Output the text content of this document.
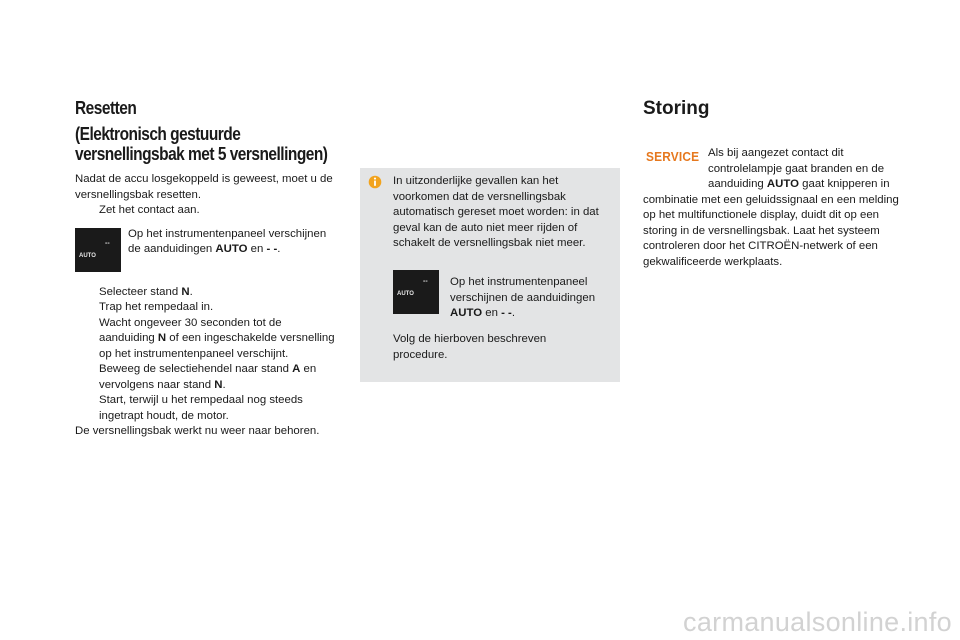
Resetten
(Elektronisch gestuurde
versnellingsbak met 5 versnellingen)

Nadat de accu losgekoppeld is geweest, moet u de versnellingsbak resetten.

Zet het contact aan.
AUTO
--
Op het instrumentenpaneel verschijnen de aanduidingen AUTO en - -.
Selecteer stand N.
Trap het rempedaal in.
Wacht ongeveer 30 seconden tot de aanduiding N of een ingeschakelde versnelling op het instrumentenpaneel verschijnt.
Beweeg de selectiehendel naar stand A en vervolgens naar stand N.
Start, terwijl u het rempedaal nog steeds ingetrapt houdt, de motor.

De versnellingsbak werkt nu weer naar behoren.

In uitzonderlijke gevallen kan het voorkomen dat de versnellingsbak automatisch gereset moet worden: in dat geval kan de auto niet meer rijden of schakelt de versnellingsbak niet meer.
AUTO
-- Op het instrumentenpaneel verschijnen de aanduidingen AUTO en - -.
Volg de hierboven beschreven procedure.
Storing
SERVICE Als bij aangezet contact dit controlelampje gaat branden en de aanduiding AUTO gaat knipperen in combinatie met een geluidssignaal en een melding op het multifunctionele display, duidt dit op een storing in de versnellingsbak. Laat het systeem controleren door het CITROËN-netwerk of een gekwalificeerde werkplaats.
carmanualsonline.info
